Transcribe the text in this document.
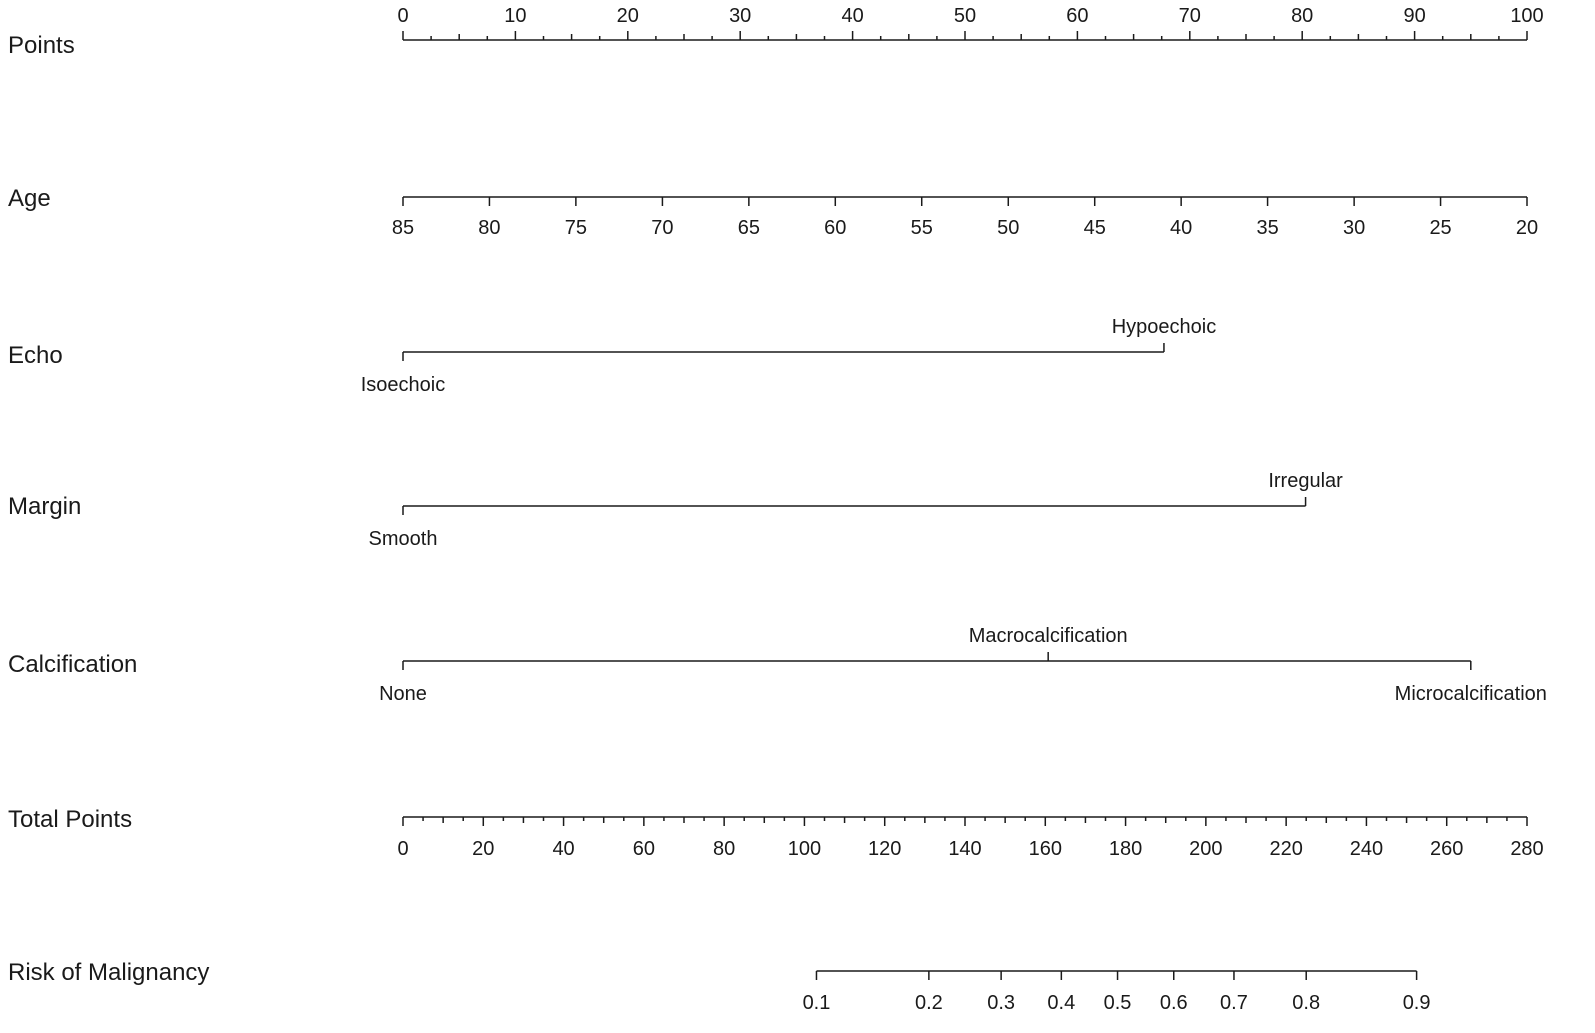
Points
0	10	20	30	40	50	60	70	80	90	100
Age
85	80	75	70	65	60	55	50	45	40	35	30	25	20
Echo
Isoechoic
Hypoechoic
Margin
Smooth
Irregular
Calcification
None
Macrocalcification
Microcalcification
Total Points
0	20	40	60	80	100 120 140 160 180 200 220 240 260 280
Risk of Malignancy
0.1	0.2 0.3 0.4 0.5 0.6 0.7 0.8	0.9
